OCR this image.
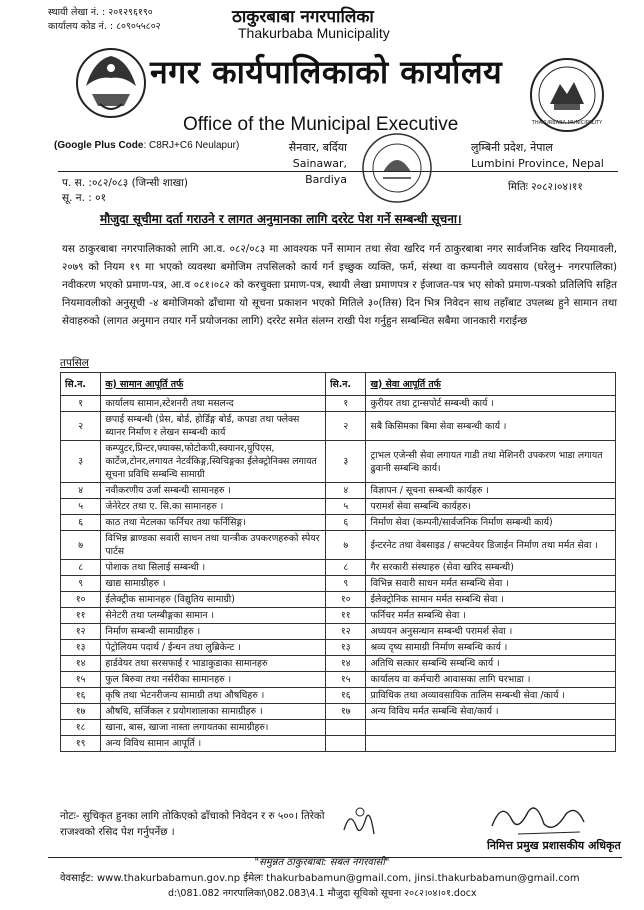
स्थायी लेखा नं. : २०१२९६१९०
कार्यालय कोड नं. : ८०९०५५८०२	ठाकुरबाबा नगरपालिका
Thakurbaba Municipality
नगर कार्यपालिकाको कार्यालय
Office of the Municipal Executive	THAKURBABA MUNICIPALITY
(Google Plus Code: C8RJ+C6 Neulapur)	सैनवार, बर्दिया
Sainawar, Bardiya
लुम्बिनी प्रदेश, नेपाल
Lumbini Province, Nepal
प. स. :०८२/०८३ (जिन्सी शाखा)
सू. न. : ०१
मितिः २०८२।०४।११
मौजुदा सूचीमा दर्ता गराउने र लागत अनुमानका लागि दररेट पेश गर्ने सम्बन्धी सूचना।
यस ठाकुरबाबा नगरपालिकाको लागि आ.व. ०८२/०८३ मा आवश्यक पर्ने सामान तथा सेवा खरिद गर्न ठाकुरबाबा नगर सार्वजनिक खरिद नियमावली, २०७९ को नियम १९ मा भएको व्यवस्था बमोजिम तपसिलको कार्य गर्न इच्छुक व्यक्ति, फर्म, संस्था वा कम्पनीले व्यवसाय (घरेलु+ नगरपालिका) नवीकरण भएको प्रमाण-पत्र, आ.व ०८१।०८२ को करचुक्ता प्रमाण-पत्र, स्थायी लेखा प्रमाणपत्र र ईजाजत-पत्र भए सोको प्रमाण-पत्रको प्रतिलिपि सहित नियमावलीको अनुसूची -४ बमोजिमको ढाँचामा यो सूचना प्रकाशन भएको मितिले ३०(तिस) दिन भित्र निवेदन साथ तहाँबाट उपलब्ध हुने सामान तथा सेवाहरुको (लागत अनुमान तयार गर्ने प्रयोजनका लागि) दररेट समेत संलग्न राखी पेश गर्नुहुन सम्बन्धित सबैमा जानकारी गराईन्छ
तपसिल
सि.न.	क) सामान आपूर्ति तर्फ	सि.न.	ख) सेवा आपूर्ति तर्फ
१	कार्यालय सामान,स्टेशनरी तथा मसलन्द	१	कुरीयर तथा ट्रान्सपोर्ट सम्बन्धी कार्य ।
२	छपाई सम्बन्धी (प्रेस, बोर्ड, होर्डिङ्ग बोर्ड, कपडा तथा फ्लेक्स ब्यानर निर्माण र लेखन सम्बन्धी कार्य	२	सबै किसिमका बिमा सेवा सम्बन्धी कार्य ।
३	कम्प्युटर,प्रिन्टर,फ्याक्स,फोटोकपी,स्क्यानर,युपिएस, कार्टेज,टोनर,लगायत नेटर्वकिङ्ग,स्विचिङ्गका ईलेक्ट्रोनिक्स लगायत सूचना प्रविधि सम्बन्धि सामाग्री	३	ट्राभल एजेन्सी सेवा लगायत गाडी तथा मेशिनरी उपकरण भाडा लगायत ढुवानी सम्बन्धि कार्य।
४	नवीकरणीय उर्जा सम्बन्धी सामानहरु ।	४	विज्ञापन / सूचना सम्बन्धी कार्यहरु ।
५	जेनेरेटर तथा ए. सि.का सामानहरु ।	५	परामर्श सेवा सम्बन्धि कार्यहरु।
६	काठ तथा मेटलका फर्निचर तथा फर्निसिङ्ग।	६	निर्माण सेवा (कम्पनी/सार्वजनिक निर्माण सम्बन्धी कार्य)
७	विभिन्न ब्राण्डका सवारी साधन तथा यान्त्रीक उपकरणहरुको स्पेयर पार्टस	७	ईन्टरनेट तथा वेबसाइड / सफ्टवेयर डिजाईन निर्माण तथा मर्मत सेवा ।
८	पोशाक तथा सिलाई सम्बन्धी ।	८	गैर सरकारी संस्थाहरु (सेवा खरिद सम्बन्धी)
९	खाद्य सामाग्रीहरु ।	९	विभिन्न सवारी साधन मर्मत सम्बन्धि सेवा ।
१०	ईलेक्ट्रीक सामानहरु (विद्युतिय सामाग्री)	१०	ईलेक्ट्रोनिक सामान मर्मत सम्बन्धि सेवा ।
११	सेनेटरी तथा प्लम्बीङ्गका सामान ।	११	फर्निचर मर्मत सम्बन्धि सेवा ।
१२	निर्माण सम्बन्धी सामाग्रीहरु ।	१२	अध्ययन अनुसन्धान सम्बन्धी परामर्श सेवा ।
१३	पेट्रोलियम पदार्थ / ईन्धन तथा लुब्रिकेन्ट ।	१३	श्रव्य दृष्य सामाग्री निर्माण सम्बन्धि कार्य ।
१४	हार्डवेयर तथा सरसफाई र भाडाकुडाका सामानहरु	१४	अतिथि सत्कार सम्बन्धि सम्बन्धि कार्य ।
१५	फुल बिरुवा तथा नर्सरीका सामानहरु ।	१५	कार्यालय वा कर्मचारी आवासका लागि घरभाडा ।
१६	कृषि तथा भेटनरीजन्य सामाग्री तथा औषधिहरु ।	१६	प्राविधिक तथा अव्यावसायिक तालिम सम्बन्धी सेवा /कार्य ।
१७	औषधि, सर्जिकल र प्रयोगशालाका सामाग्रीहरु ।	१७	अन्य विविध मर्मत सम्बन्धि सेवा/कार्य ।
१८	खाना, बास, खाजा नास्ता लगायतका सामाग्रीहरु।		
१९	अन्य विविध सामान आपूर्ति ।		
नोटः- सुचिकृत हुनका लागि तोकिएको ढाँचाको निवेदन र रु ५००। तिरेको राजश्वको रसिद पेश गर्नुपर्नेछ ।
निमित्त प्रमुख प्रशासकीय अधिकृत
"समुन्नत ठाकुरबाबा: सबल नगरवासी"
वेवसाईट: www.thakurbabamun.gov.np ईमेलः thakurbabamun@gmail.com, jinsi.thakurbabamun@gmail.com
d:\081.082 नगरपालिका\082.083\4.1 मौजुदा सूचिको सूचना २०८२।०४।०१.docx
